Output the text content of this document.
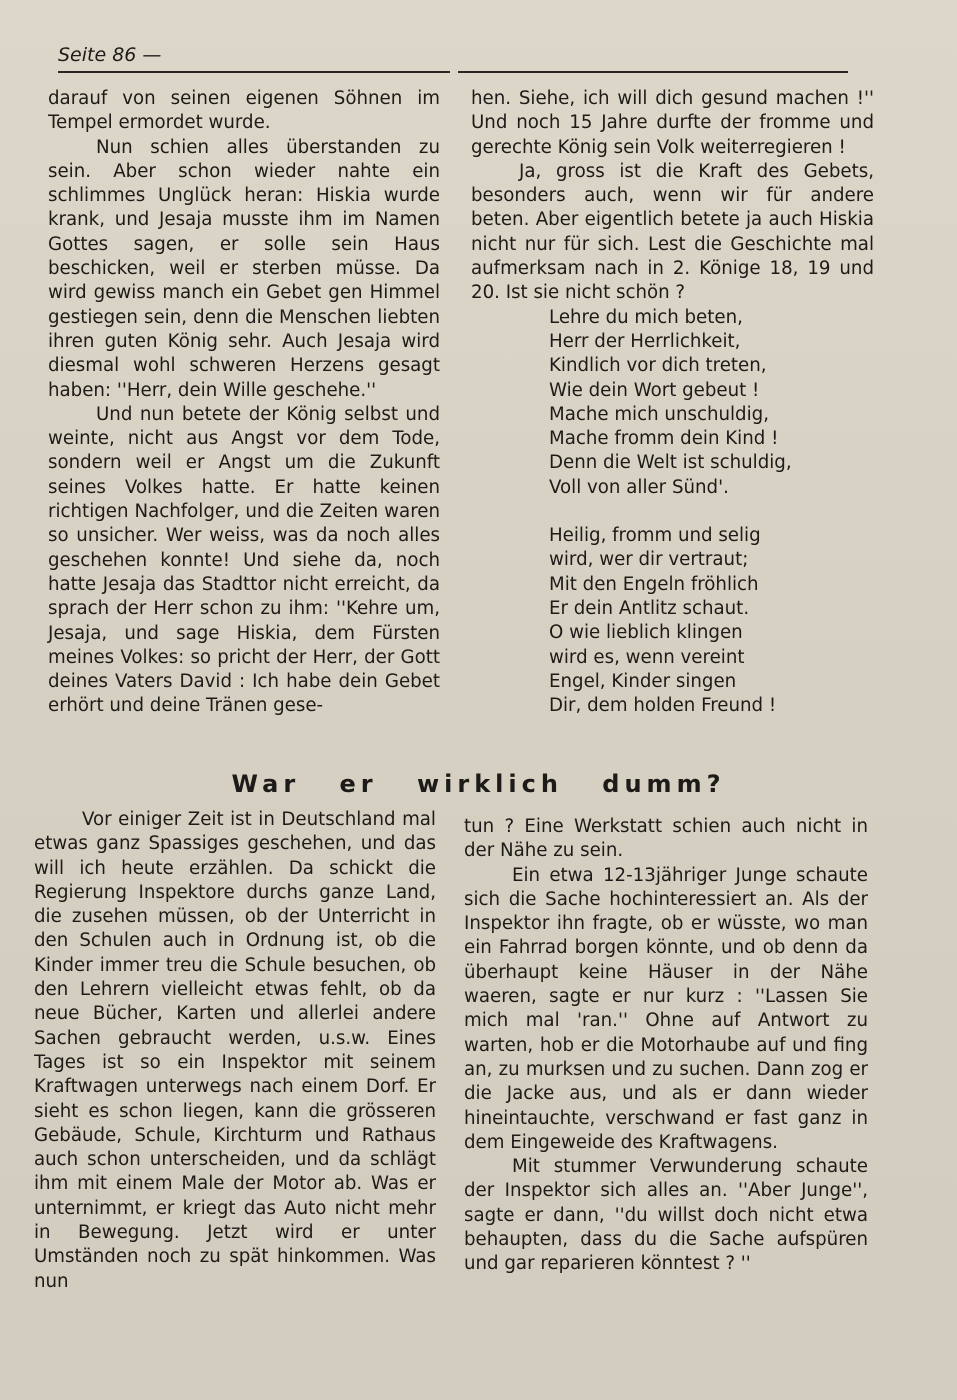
Seite 86 —

darauf von seinen eigenen Söhnen im Tempel ermordet wurde.

Nun schien alles überstanden zu sein. Aber schon wieder nahte ein schlimmes Unglück heran: Hiskia wurde krank, und Jesaja musste ihm im Namen Gottes sagen, er solle sein Haus beschicken, weil er sterben müsse. Da wird gewiss manch ein Gebet gen Himmel gestiegen sein, denn die Menschen liebten ihren guten König sehr. Auch Jesaja wird diesmal wohl schweren Herzens gesagt haben: ''Herr, dein Wille geschehe.''

Und nun betete der König selbst und weinte, nicht aus Angst vor dem Tode, sondern weil er Angst um die Zukunft seines Volkes hatte. Er hatte keinen richtigen Nachfolger, und die Zeiten waren so unsicher. Wer weiss, was da noch alles geschehen konnte! Und siehe da, noch hatte Jesaja das Stadttor nicht erreicht, da sprach der Herr schon zu ihm: ''Kehre um, Jesaja, und sage Hiskia, dem Fürsten meines Volkes: so pricht der Herr, der Gott deines Vaters David : Ich habe dein Gebet erhört und deine Tränen gese-

hen. Siehe, ich will dich gesund machen !'' Und noch 15 Jahre durfte der fromme und gerechte König sein Volk weiterregieren !

Ja, gross ist die Kraft des Gebets, besonders auch, wenn wir für andere beten. Aber eigentlich betete ja auch Hiskia nicht nur für sich. Lest die Geschichte mal aufmerksam nach in 2. Könige 18, 19 und 20. Ist sie nicht schön ?

Lehre du mich beten,
Herr der Herrlichkeit,
Kindlich vor dich treten,
Wie dein Wort gebeut !
Mache mich unschuldig,
Mache fromm dein Kind !
Denn die Welt ist schuldig,
Voll von aller Sünd'.
Heilig, fromm und selig
wird, wer dir vertraut;
Mit den Engeln fröhlich
Er dein Antlitz schaut.
O wie lieblich klingen
wird es, wenn vereint
Engel, Kinder singen
Dir, dem holden Freund !
War er wirklich dumm?

Vor einiger Zeit ist in Deutschland mal etwas ganz Spassiges geschehen, und das will ich heute erzählen. Da schickt die Regierung Inspektore durchs ganze Land, die zusehen müssen, ob der Unterricht in den Schulen auch in Ordnung ist, ob die Kinder immer treu die Schule besuchen, ob den Lehrern vielleicht etwas fehlt, ob da neue Bücher, Karten und allerlei andere Sachen gebraucht werden, u.s.w. Eines Tages ist so ein Inspektor mit seinem Kraftwagen unterwegs nach einem Dorf. Er sieht es schon liegen, kann die grösseren Gebäude, Schule, Kirchturm und Rathaus auch schon unterscheiden, und da schlägt ihm mit einem Male der Motor ab. Was er unternimmt, er kriegt das Auto nicht mehr in Bewegung. Jetzt wird er unter Umständen noch zu spät hinkommen. Was nun

tun ? Eine Werkstatt schien auch nicht in der Nähe zu sein.

Ein etwa 12-13jähriger Junge schaute sich die Sache hochinteressiert an. Als der Inspektor ihn fragte, ob er wüsste, wo man ein Fahrrad borgen könnte, und ob denn da überhaupt keine Häuser in der Nähe waeren, sagte er nur kurz : ''Lassen Sie mich mal 'ran.'' Ohne auf Antwort zu warten, hob er die Motorhaube auf und fing an, zu murksen und zu suchen. Dann zog er die Jacke aus, und als er dann wieder hineintauchte, verschwand er fast ganz in dem Eingeweide des Kraftwagens.

Mit stummer Verwunderung schaute der Inspektor sich alles an. ''Aber Junge'', sagte er dann, ''du willst doch nicht etwa behaupten, dass du die Sache aufspüren und gar reparieren könntest ? ''
